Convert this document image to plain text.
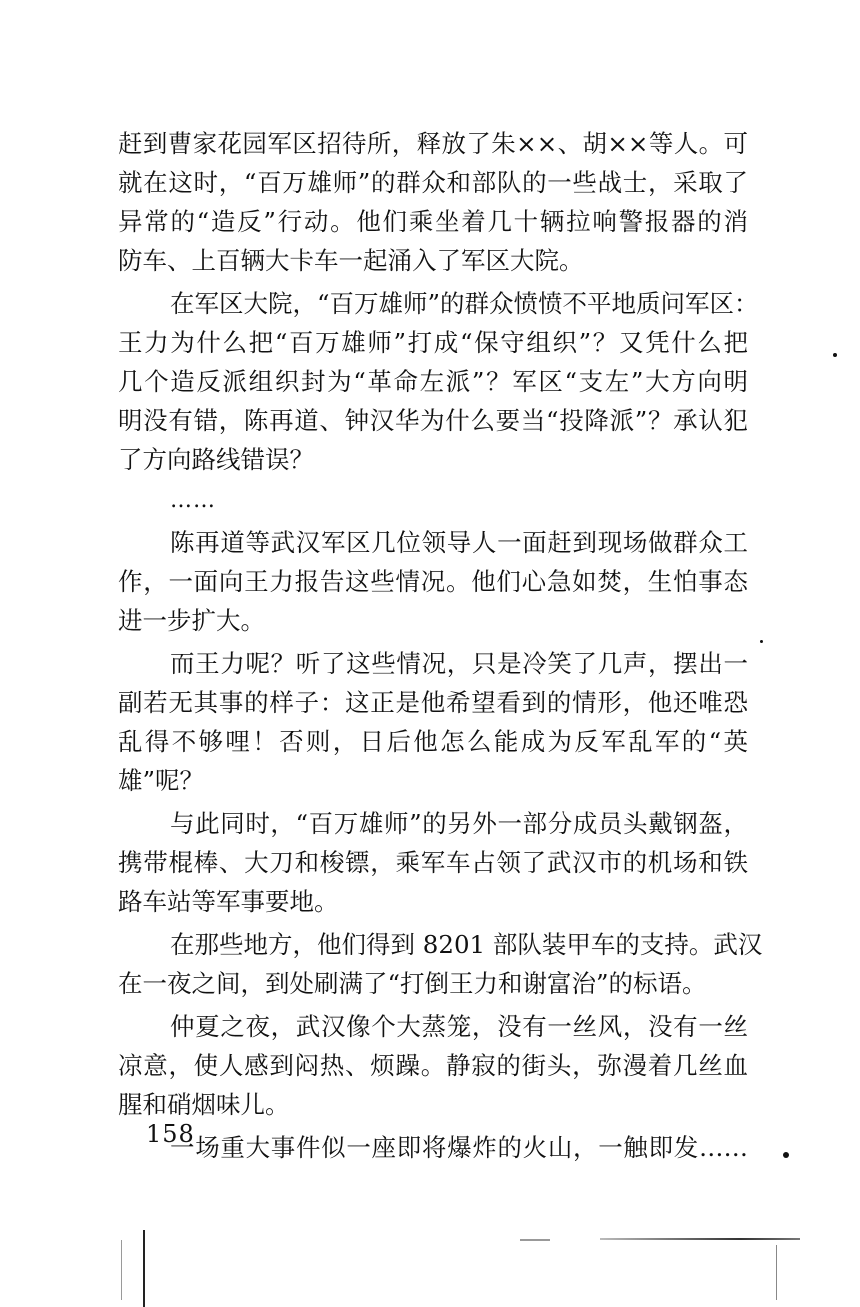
赶到曹家花园军区招待所，释放了朱××、胡××等人。可
就在这时，“百万雄师”的群众和部队的一些战士，采取了
异常的“造反”行动。他们乘坐着几十辆拉响警报器的消
防车、上百辆大卡车一起涌入了军区大院。
在军区大院，“百万雄师”的群众愤愤不平地质问军区：
王力为什么把“百万雄师”打成“保守组织”？又凭什么把
几个造反派组织封为“革命左派”？军区“支左”大方向明
明没有错，陈再道、钟汉华为什么要当“投降派”？承认犯
了方向路线错误？
……
陈再道等武汉军区几位领导人一面赶到现场做群众工
作，一面向王力报告这些情况。他们心急如焚，生怕事态
进一步扩大。
而王力呢？听了这些情况，只是冷笑了几声，摆出一
副若无其事的样子：这正是他希望看到的情形，他还唯恐
乱得不够哩！否则，日后他怎么能成为反军乱军的“英
雄”呢？
与此同时，“百万雄师”的另外一部分成员头戴钢盔，
携带棍棒、大刀和梭镖，乘军车占领了武汉市的机场和铁
路车站等军事要地。
在那些地方，他们得到 8201 部队装甲车的支持。武汉
在一夜之间，到处刷满了“打倒王力和谢富治”的标语。
仲夏之夜，武汉像个大蒸笼，没有一丝风，没有一丝
凉意，使人感到闷热、烦躁。静寂的街头，弥漫着几丝血
腥和硝烟味儿。
一场重大事件似一座即将爆炸的火山，一触即发……
158
